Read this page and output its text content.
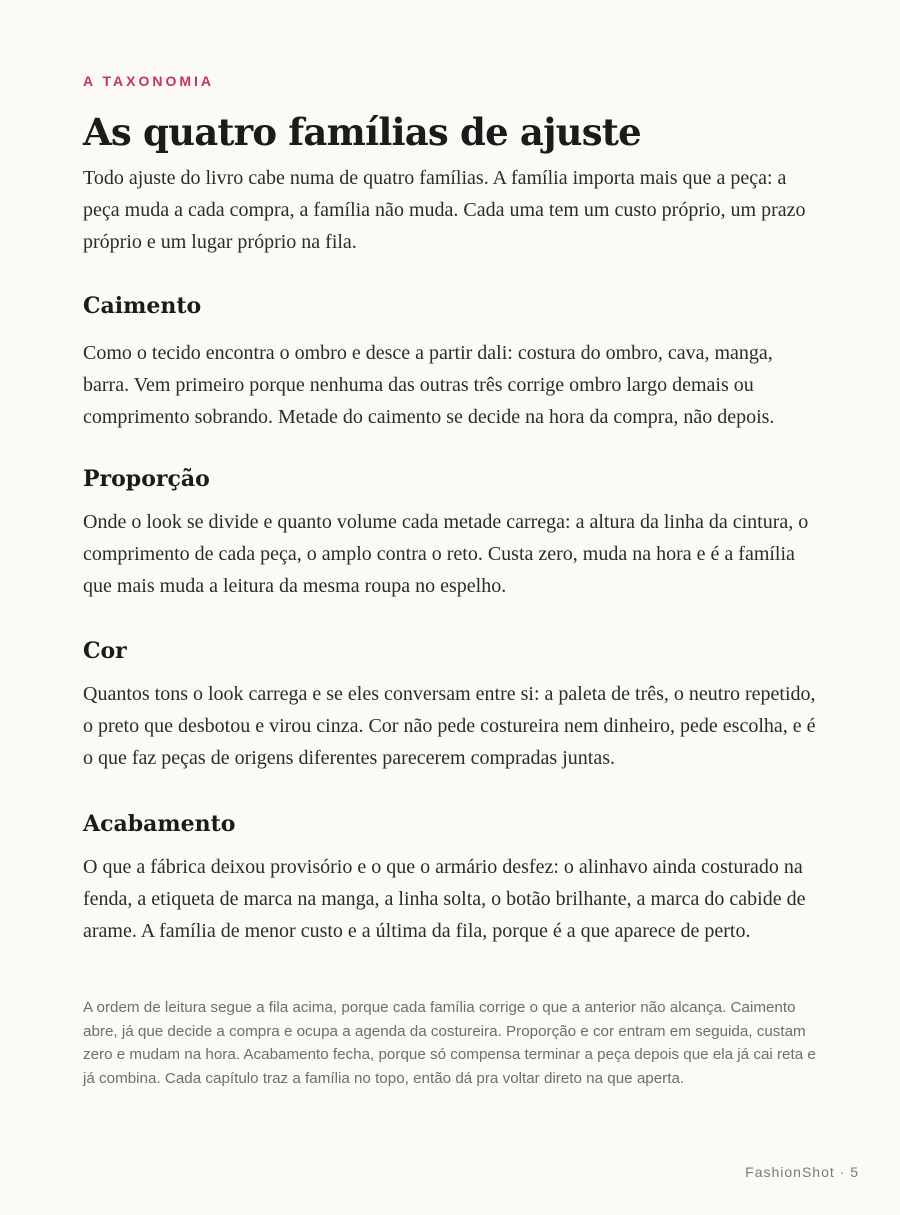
A TAXONOMIA
As quatro famílias de ajuste

Todo ajuste do livro cabe numa de quatro famílias. A família importa mais que a peça: a peça muda a cada compra, a família não muda. Cada uma tem um custo próprio, um prazo próprio e um lugar próprio na fila.

Caimento

Como o tecido encontra o ombro e desce a partir dali: costura do ombro, cava, manga, barra. Vem primeiro porque nenhuma das outras três corrige ombro largo demais ou comprimento sobrando. Metade do caimento se decide na hora da compra, não depois.

Proporção

Onde o look se divide e quanto volume cada metade carrega: a altura da linha da cintura, o comprimento de cada peça, o amplo contra o reto. Custa zero, muda na hora e é a família que mais muda a leitura da mesma roupa no espelho.

Cor

Quantos tons o look carrega e se eles conversam entre si: a paleta de três, o neutro repetido, o preto que desbotou e virou cinza. Cor não pede costureira nem dinheiro, pede escolha, e é o que faz peças de origens diferentes parecerem compradas juntas.

Acabamento

O que a fábrica deixou provisório e o que o armário desfez: o alinhavo ainda costurado na fenda, a etiqueta de marca na manga, a linha solta, o botão brilhante, a marca do cabide de arame. A família de menor custo e a última da fila, porque é a que aparece de perto.

A ordem de leitura segue a fila acima, porque cada família corrige o que a anterior não alcança. Caimento abre, já que decide a compra e ocupa a agenda da costureira. Proporção e cor entram em seguida, custam zero e mudam na hora. Acabamento fecha, porque só compensa terminar a peça depois que ela já cai reta e já combina. Cada capítulo traz a família no topo, então dá pra voltar direto na que aperta.

FashionShot · 5
